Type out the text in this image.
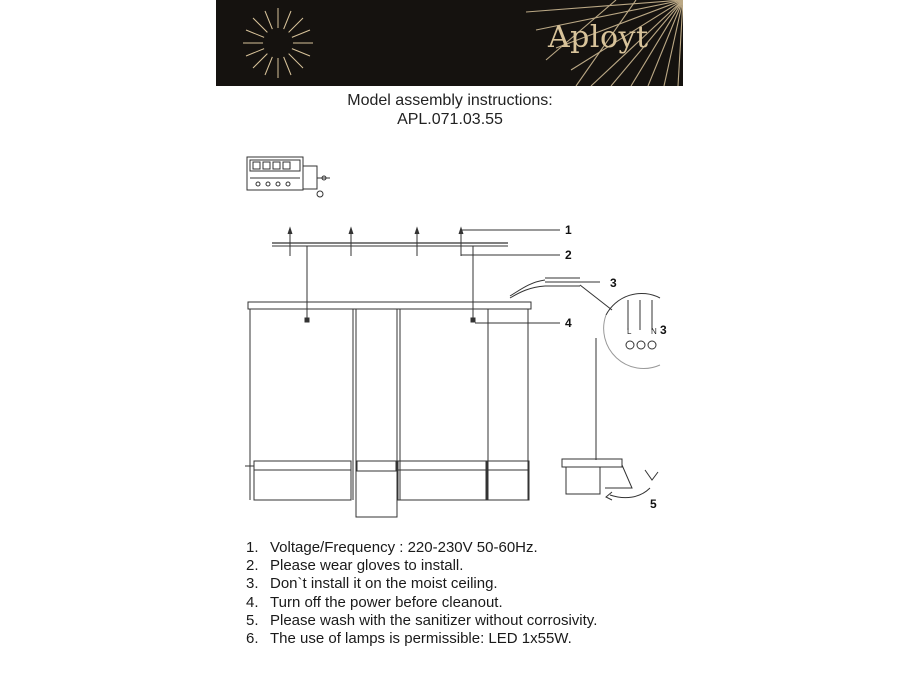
Aployt
Model assembly instructions:
APL.071.03.55
L N
1
2
3
4	3
5
1. Voltage/Frequency : 220-230V 50-60Hz.
2. Please wear gloves to install.
3. Don`t install it on the moist ceiling.
4. Turn off the power before cleanout.
5. Please wash with the sanitizer without corrosivity.
6. The use of lamps is permissible: LED 1x55W.
